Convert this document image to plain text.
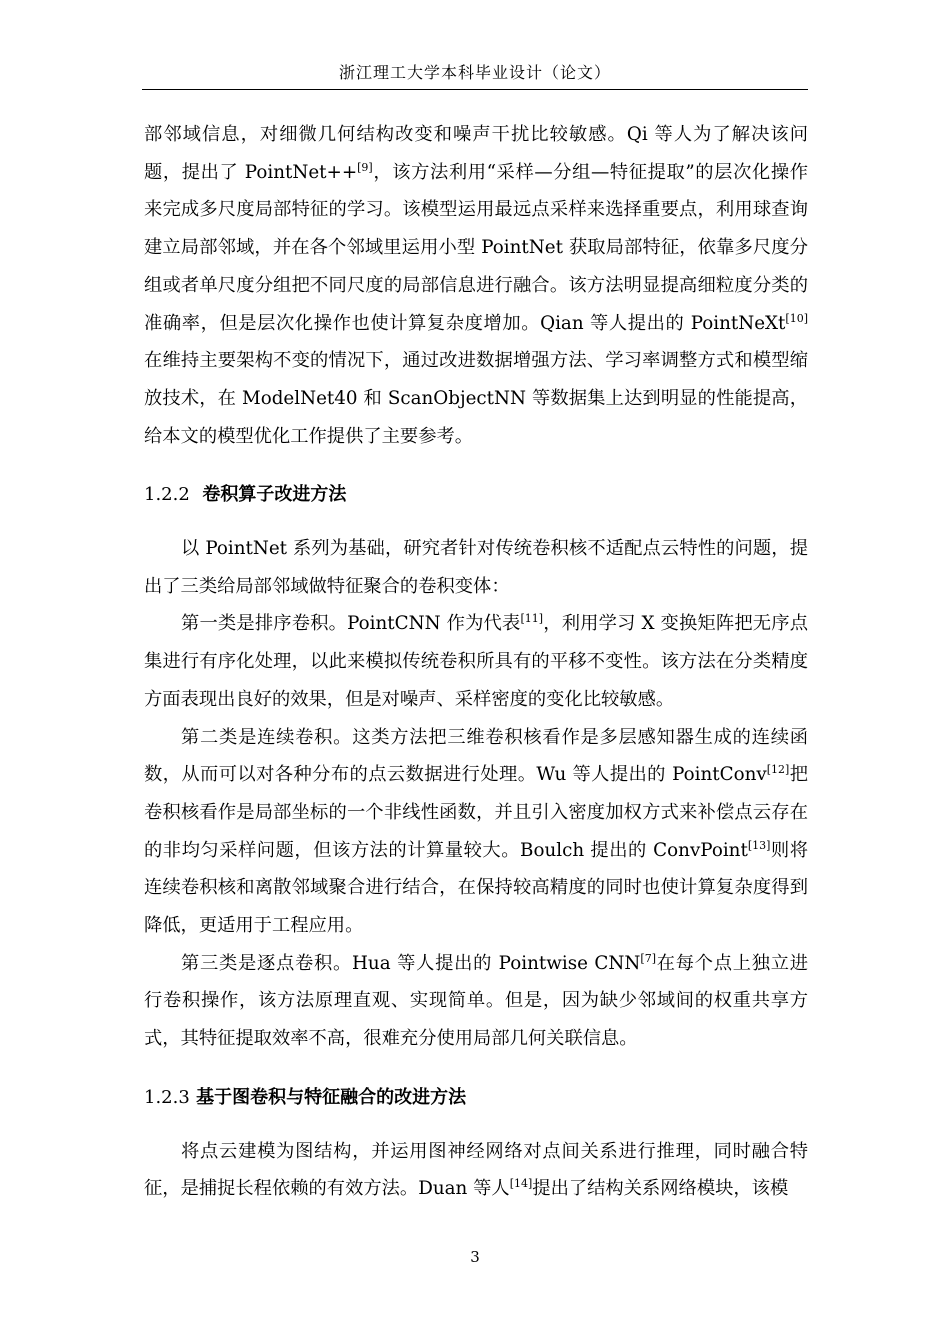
浙江理工大学本科毕业设计（论文）

部邻域信息，对细微几何结构改变和噪声干扰比较敏感。Qi 等人为了解决该问题，提出了 PointNet++[9]，该方法利用“采样—分组—特征提取”的层次化操作来完成多尺度局部特征的学习。该模型运用最远点采样来选择重要点，利用球查询建立局部邻域，并在各个邻域里运用小型 PointNet 获取局部特征，依靠多尺度分组或者单尺度分组把不同尺度的局部信息进行融合。该方法明显提高细粒度分类的准确率，但是层次化操作也使计算复杂度增加。Qian 等人提出的 PointNeXt[10]在维持主要架构不变的情况下，通过改进数据增强方法、学习率调整方式和模型缩放技术，在 ModelNet40 和 ScanObjectNN 等数据集上达到明显的性能提高，给本文的模型优化工作提供了主要参考。

1.2.2 卷积算子改进方法

以 PointNet 系列为基础，研究者针对传统卷积核不适配点云特性的问题，提出了三类给局部邻域做特征聚合的卷积变体：

第一类是排序卷积。PointCNN 作为代表[11]，利用学习 X 变换矩阵把无序点集进行有序化处理，以此来模拟传统卷积所具有的平移不变性。该方法在分类精度方面表现出良好的效果，但是对噪声、采样密度的变化比较敏感。

第二类是连续卷积。这类方法把三维卷积核看作是多层感知器生成的连续函数，从而可以对各种分布的点云数据进行处理。Wu 等人提出的 PointConv[12]把卷积核看作是局部坐标的一个非线性函数，并且引入密度加权方式来补偿点云存在的非均匀采样问题，但该方法的计算量较大。Boulch 提出的 ConvPoint[13]则将连续卷积核和离散邻域聚合进行结合，在保持较高精度的同时也使计算复杂度得到降低，更适用于工程应用。

第三类是逐点卷积。Hua 等人提出的 Pointwise CNN[7]在每个点上独立进行卷积操作，该方法原理直观、实现简单。但是，因为缺少邻域间的权重共享方式，其特征提取效率不高，很难充分使用局部几何关联信息。

1.2.3 基于图卷积与特征融合的改进方法

将点云建模为图结构，并运用图神经网络对点间关系进行推理，同时融合特征，是捕捉长程依赖的有效方法。Duan 等人[14]提出了结构关系网络模块，该模

3
